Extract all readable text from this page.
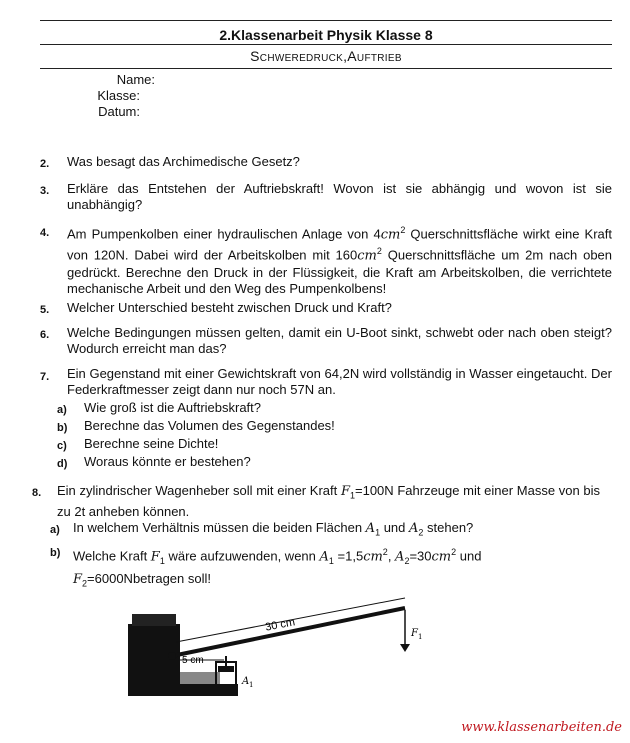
2.Klassenarbeit Physik Klasse 8
Schweredruck,Auftrieb
Name:
Klasse:
Datum:
2. Was besagt das Archimedische Gesetz?
3. Erkläre das Entstehen der Auftriebskraft! Wovon ist sie abhängig und wovon ist sie unabhängig?
4. Am Pumpenkolben einer hydraulischen Anlage von $4cm^2$ Querschnittsfläche wirkt eine Kraft von 120N. Dabei wird der Arbeitskolben mit $160cm^2$ Querschnittsfläche um 2m nach oben gedrückt. Berechne den Druck in der Flüssigkeit, die Kraft am Arbeitskolben, die verrichtete mechanische Arbeit und den Weg des Pumpenkolbens!
5. Welcher Unterschied besteht zwischen Druck und Kraft?
6. Welche Bedingungen müssen gelten, damit ein U-Boot sinkt, schwebt oder nach oben steigt? Wodurch erreicht man das?
7. Ein Gegenstand mit einer Gewichtskraft von 64,2N wird vollständig in Wasser eingetaucht. Der Federkraftmesser zeigt dann nur noch 57N an.
a) Wie groß ist die Auftriebskraft?
b) Berechne das Volumen des Gegenstandes!
c) Berechne seine Dichte!
d) Woraus könnte er bestehen?
8. Ein zylindrischer Wagenheber soll mit einer Kraft $F_1=100N$ Fahrzeuge mit einer Masse von bis zu 2t anheben können.
a) In welchem Verhältnis müssen die beiden Flächen $A_1$ und $A_2$ stehen?
b) Welche Kraft $F_1$ wäre aufzuwenden, wenn $A_1 =1,5cm^2$, $A_2=30cm^2$ und
$F_2=6000Nbetragen$ soll!
30 cm
5 cm
F 1
A 1
www.klassenarbeiten.de
